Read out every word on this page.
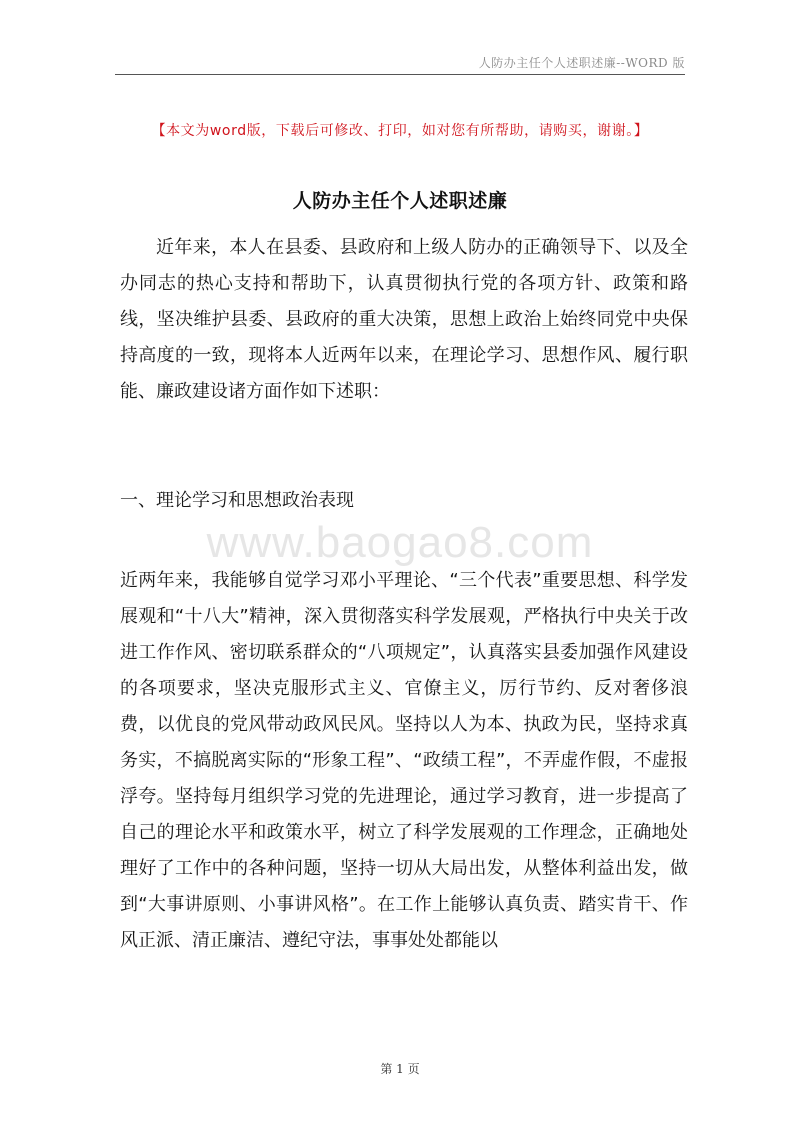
人防办主任个人述职述廉--WORD 版
【本文为word版，下载后可修改、打印，如对您有所帮助，请购买，谢谢。】
人防办主任个人述职述廉

近年来，本人在县委、县政府和上级人防办的正确领导下、以及全办同志的热心支持和帮助下，认真贯彻执行党的各项方针、政策和路线，坚决维护县委、县政府的重大决策，思想上政治上始终同党中央保持高度的一致，现将本人近两年以来，在理论学习、思想作风、履行职能、廉政建设诸方面作如下述职：

一、理论学习和思想政治表现
www.baogao8.com

近两年来，我能够自觉学习邓小平理论、“三个代表”重要思想、科学发展观和“十八大”精神，深入贯彻落实科学发展观，严格执行中央关于改进工作作风、密切联系群众的“八项规定”，认真落实县委加强作风建设的各项要求，坚决克服形式主义、官僚主义，厉行节约、反对奢侈浪费，以优良的党风带动政风民风。坚持以人为本、执政为民，坚持求真务实，不搞脱离实际的“形象工程”、“政绩工程”，不弄虚作假，不虚报浮夸。坚持每月组织学习党的先进理论，通过学习教育，进一步提高了自己的理论水平和政策水平，树立了科学发展观的工作理念，正确地处理好了工作中的各种问题，坚持一切从大局出发，从整体利益出发，做到“大事讲原则、小事讲风格”。在工作上能够认真负责、踏实肯干、作风正派、清正廉洁、遵纪守法，事事处处都能以

第 1 页
